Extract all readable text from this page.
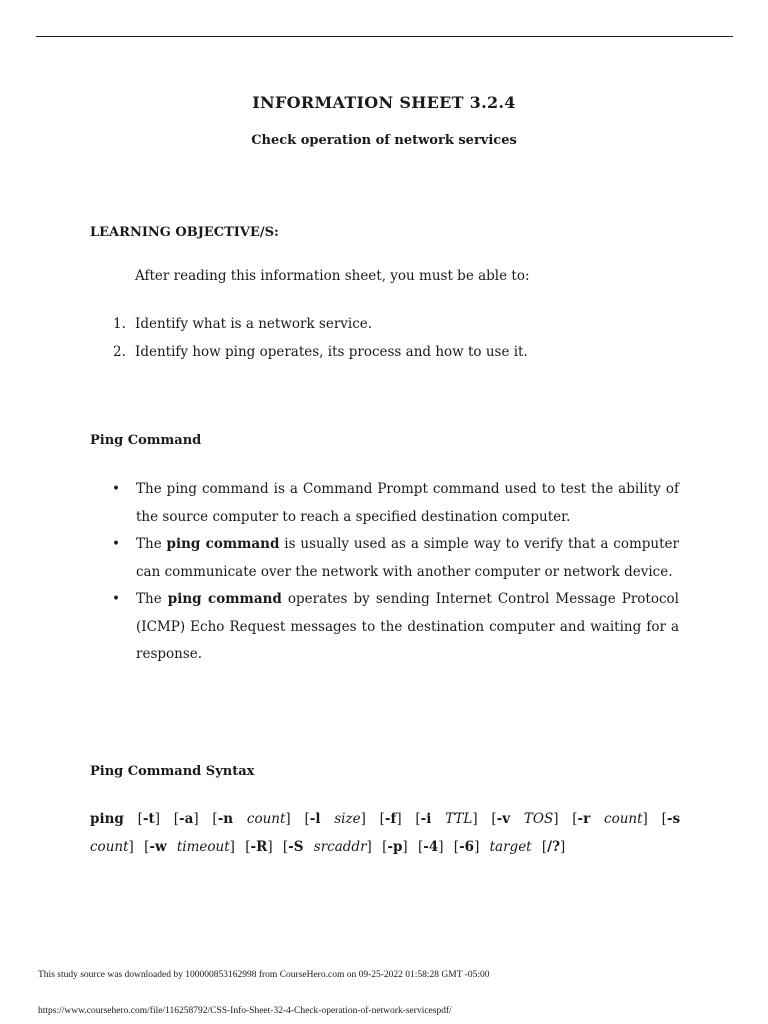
INFORMATION SHEET 3.2.4
Check operation of network services
LEARNING OBJECTIVE/S:
After reading this information sheet, you must be able to:
1. Identify what is a network service.
2. Identify how ping operates, its process and how to use it.
Ping Command
• The ping command is a Command Prompt command used to test the ability of the source computer to reach a specified destination computer.
• The ping command is usually used as a simple way to verify that a computer can communicate over the network with another computer or network device.
• The ping command operates by sending Internet Control Message Protocol (ICMP) Echo Request messages to the destination computer and waiting for a response.
Ping Command Syntax
ping [-t] [-a] [-n count] [-l size] [-f] [-i TTL] [-v TOS] [-r count] [-s count] [-w timeout] [-R] [-S srcaddr] [-p] [-4] [-6] target [/?]
This study source was downloaded by 100000853162998 from CourseHero.com on 09-25-2022 01:58:28 GMT -05:00
https://www.coursehero.com/file/116258792/CSS-Info-Sheet-32-4-Check-operation-of-network-servicespdf/
